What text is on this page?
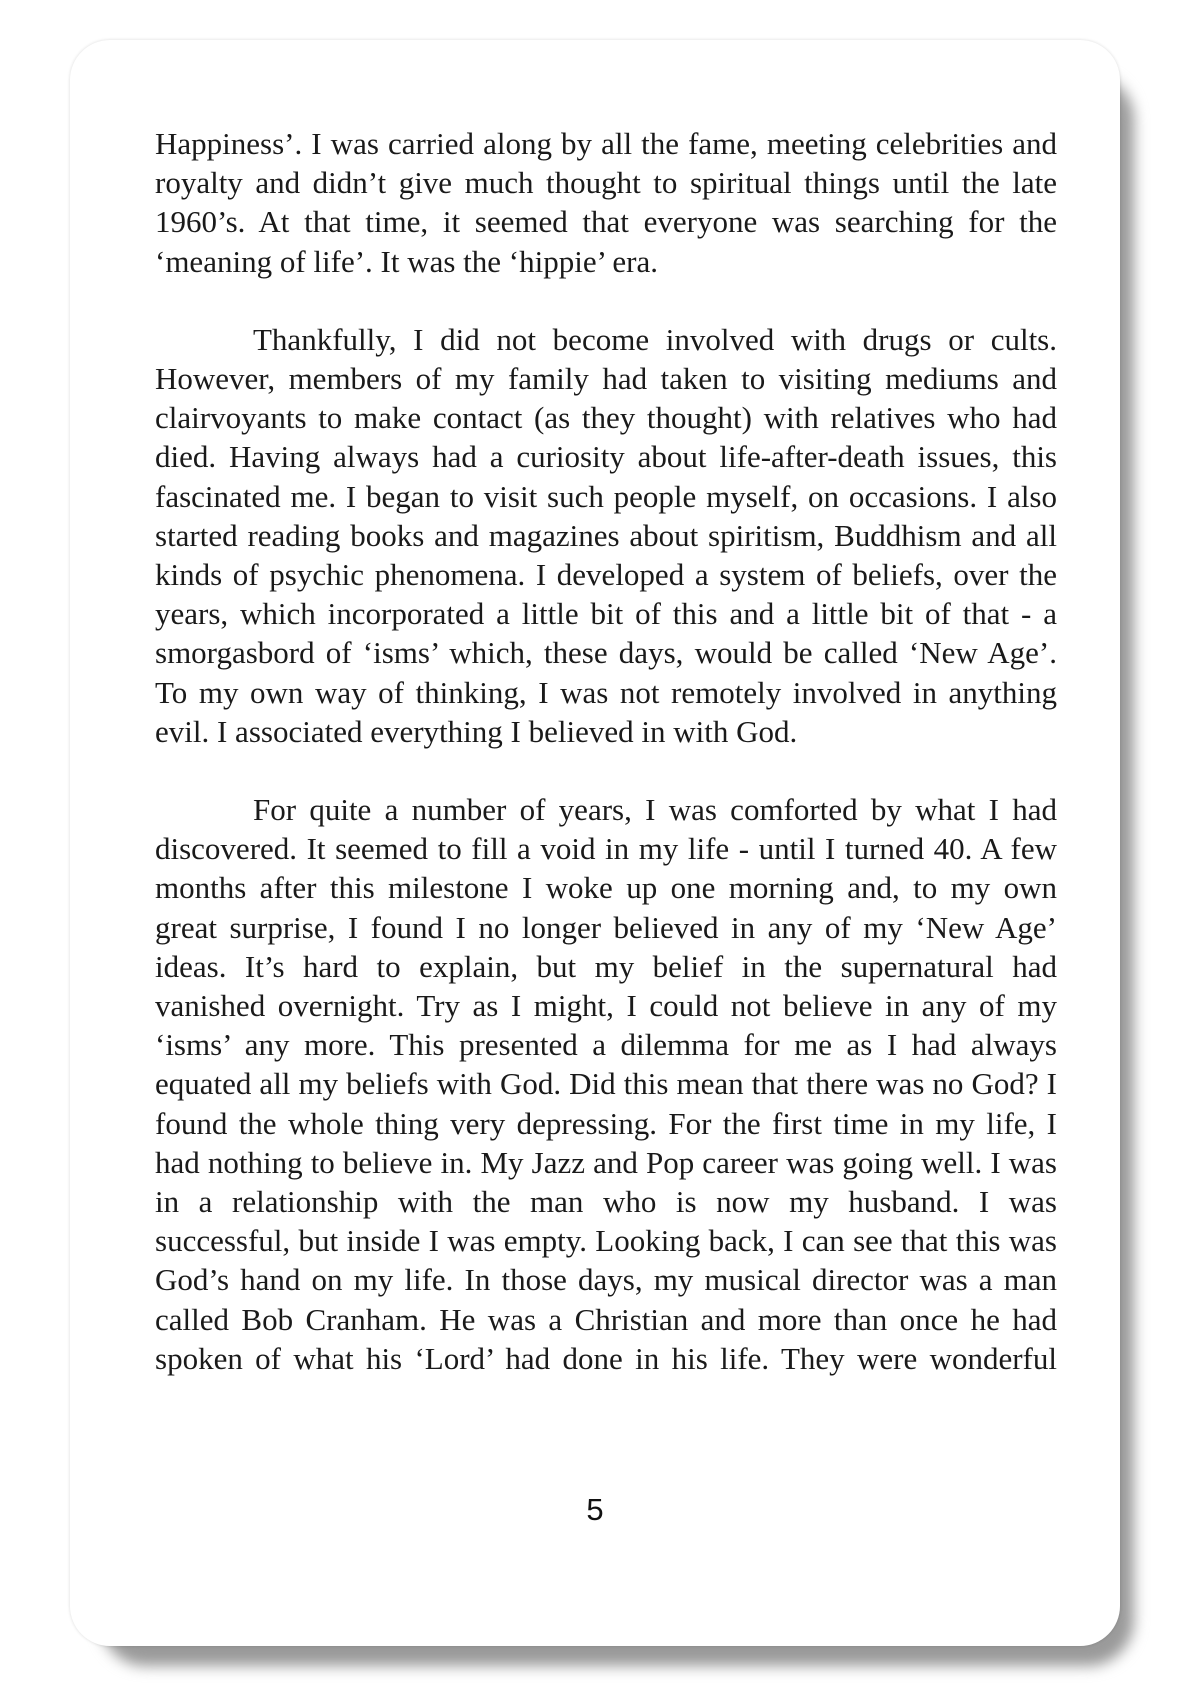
Happiness’. I was carried along by all the fame, meeting celebrities and royalty and didn’t give much thought to spiritual things until the late 1960’s. At that time, it seemed that everyone was searching for the ‘meaning of life’. It was the ‘hippie’ era.

Thankfully, I did not become involved with drugs or cults. However, members of my family had taken to visiting mediums and clairvoyants to make contact (as they thought) with relatives who had died. Having always had a curiosity about life-after-death issues, this fascinated me. I began to visit such people myself, on occasions. I also started reading books and magazines about spiritism, Buddhism and all kinds of psychic phenomena. I developed a system of beliefs, over the years, which incorporated a little bit of this and a little bit of that - a smorgasbord of ‘isms’ which, these days, would be called ‘New Age’. To my own way of thinking, I was not remotely involved in anything evil. I associated everything I believed in with God.

For quite a number of years, I was comforted by what I had discovered. It seemed to fill a void in my life - until I turned 40. A few months after this milestone I woke up one morning and, to my own great surprise, I found I no longer believed in any of my ‘New Age’ ideas. It’s hard to explain, but my belief in the supernatural had vanished overnight. Try as I might, I could not believe in any of my ‘isms’ any more. This presented a dilemma for me as I had always equated all my beliefs with God. Did this mean that there was no God? I found the whole thing very depressing. For the first time in my life, I had nothing to believe in. My Jazz and Pop career was going well. I was in a relationship with the man who is now my husband. I was successful, but inside I was empty. Looking back, I can see that this was God’s hand on my life. In those days, my musical director was a man called Bob Cranham. He was a Christian and more than once he had spoken of what his ‘Lord’ had done in his life. They were wonderful

5
